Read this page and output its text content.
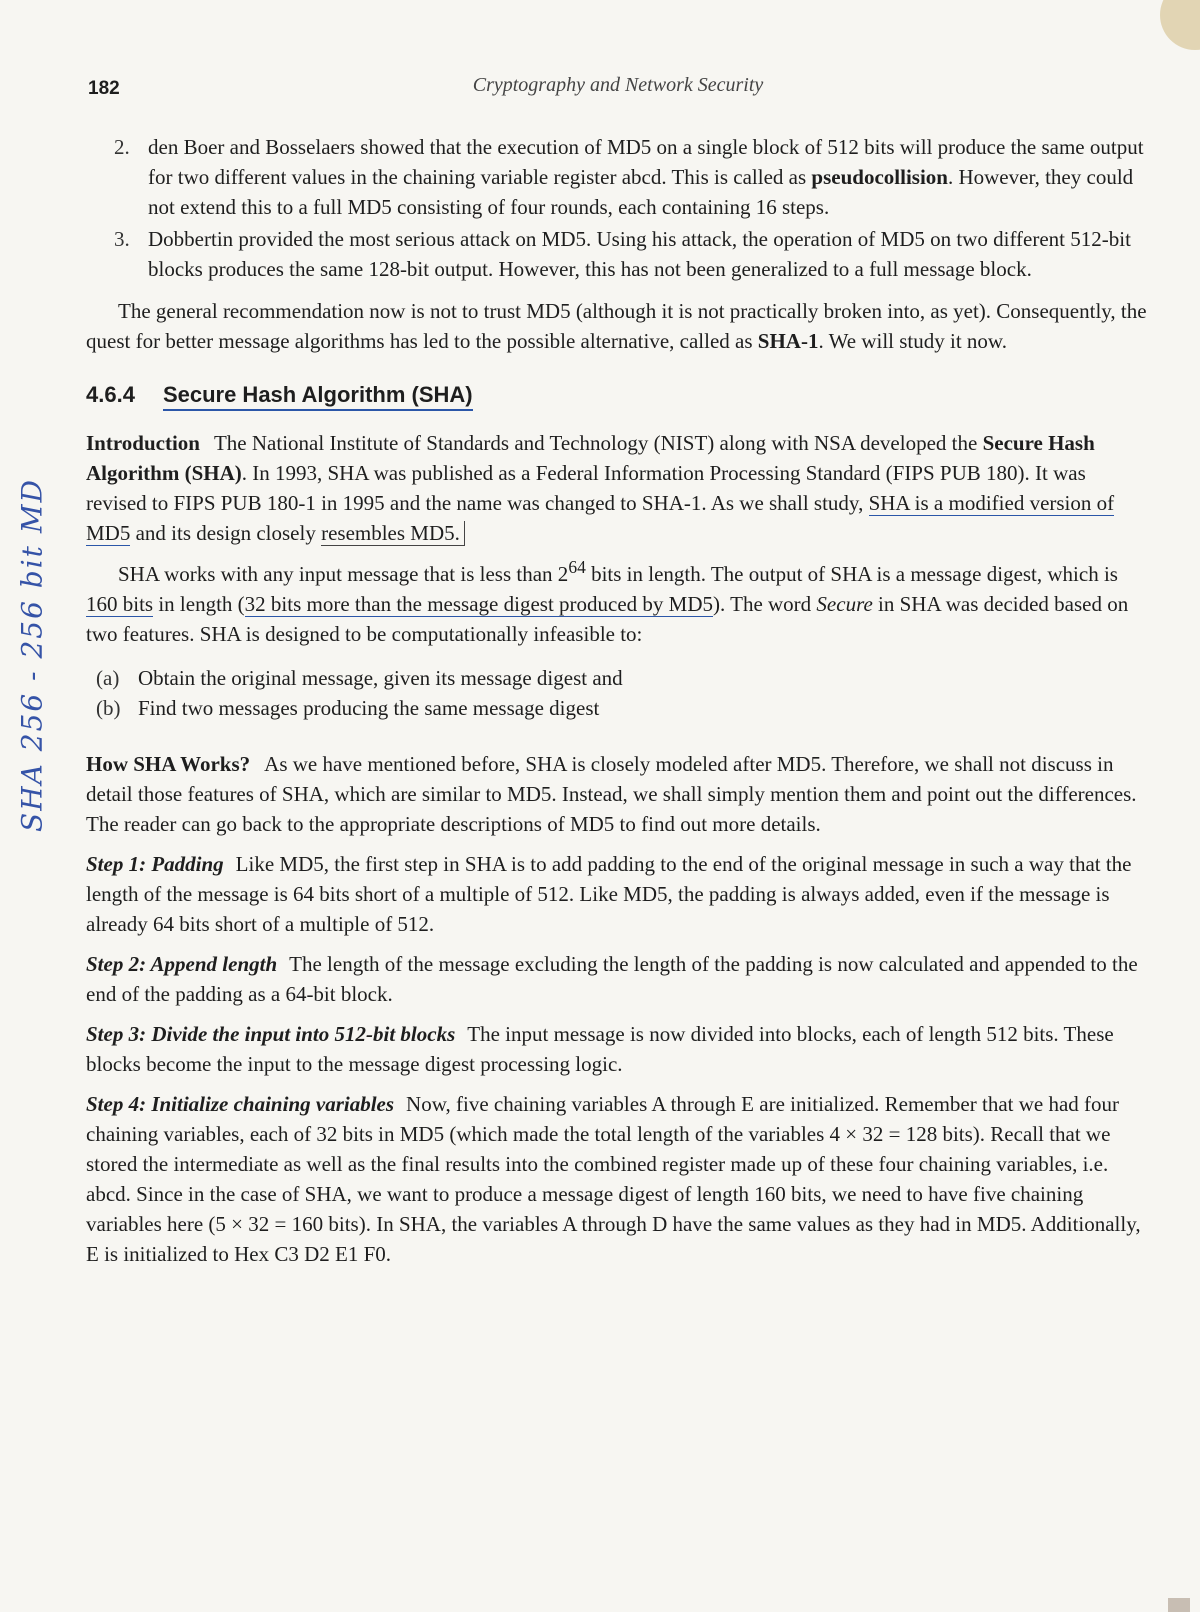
182	Cryptography and Network Security
SHA 256 - 256 bit MD
2. den Boer and Bosselaers showed that the execution of MD5 on a single block of 512 bits will produce the same output for two different values in the chaining variable register abcd. This is called as pseudocollision. However, they could not extend this to a full MD5 consisting of four rounds, each containing 16 steps.
3. Dobbertin provided the most serious attack on MD5. Using his attack, the operation of MD5 on two different 512-bit blocks produces the same 128-bit output. However, this has not been generalized to a full message block.

The general recommendation now is not to trust MD5 (although it is not practically broken into, as yet). Consequently, the quest for better message algorithms has led to the possible alternative, called as SHA-1. We will study it now.

4.6.4 Secure Hash Algorithm (SHA)

Introduction The National Institute of Standards and Technology (NIST) along with NSA developed the Secure Hash Algorithm (SHA). In 1993, SHA was published as a Federal Information Processing Standard (FIPS PUB 180). It was revised to FIPS PUB 180-1 in 1995 and the name was changed to SHA-1. As we shall study, SHA is a modified version of MD5 and its design closely resembles MD5.

SHA works with any input message that is less than $2^{64}$ bits in length. The output of SHA is a message digest, which is 160 bits in length (32 bits more than the message digest produced by MD5). The word Secure in SHA was decided based on two features. SHA is designed to be computationally infeasible to:

(a) Obtain the original message, given its message digest and
(b) Find two messages producing the same message digest

How SHA Works? As we have mentioned before, SHA is closely modeled after MD5. Therefore, we shall not discuss in detail those features of SHA, which are similar to MD5. Instead, we shall simply mention them and point out the differences. The reader can go back to the appropriate descriptions of MD5 to find out more details.

Step 1: Padding Like MD5, the first step in SHA is to add padding to the end of the original message in such a way that the length of the message is 64 bits short of a multiple of 512. Like MD5, the padding is always added, even if the message is already 64 bits short of a multiple of 512.

Step 2: Append length The length of the message excluding the length of the padding is now calculated and appended to the end of the padding as a 64-bit block.

Step 3: Divide the input into 512-bit blocks The input message is now divided into blocks, each of length 512 bits. These blocks become the input to the message digest processing logic.

Step 4: Initialize chaining variables Now, five chaining variables A through E are initialized. Remember that we had four chaining variables, each of 32 bits in MD5 (which made the total length of the variables 4 × 32 = 128 bits). Recall that we stored the intermediate as well as the final results into the combined register made up of these four chaining variables, i.e. abcd. Since in the case of SHA, we want to produce a message digest of length 160 bits, we need to have five chaining variables here (5 × 32 = 160 bits). In SHA, the variables A through D have the same values as they had in MD5. Additionally, E is initialized to Hex C3 D2 E1 F0.
